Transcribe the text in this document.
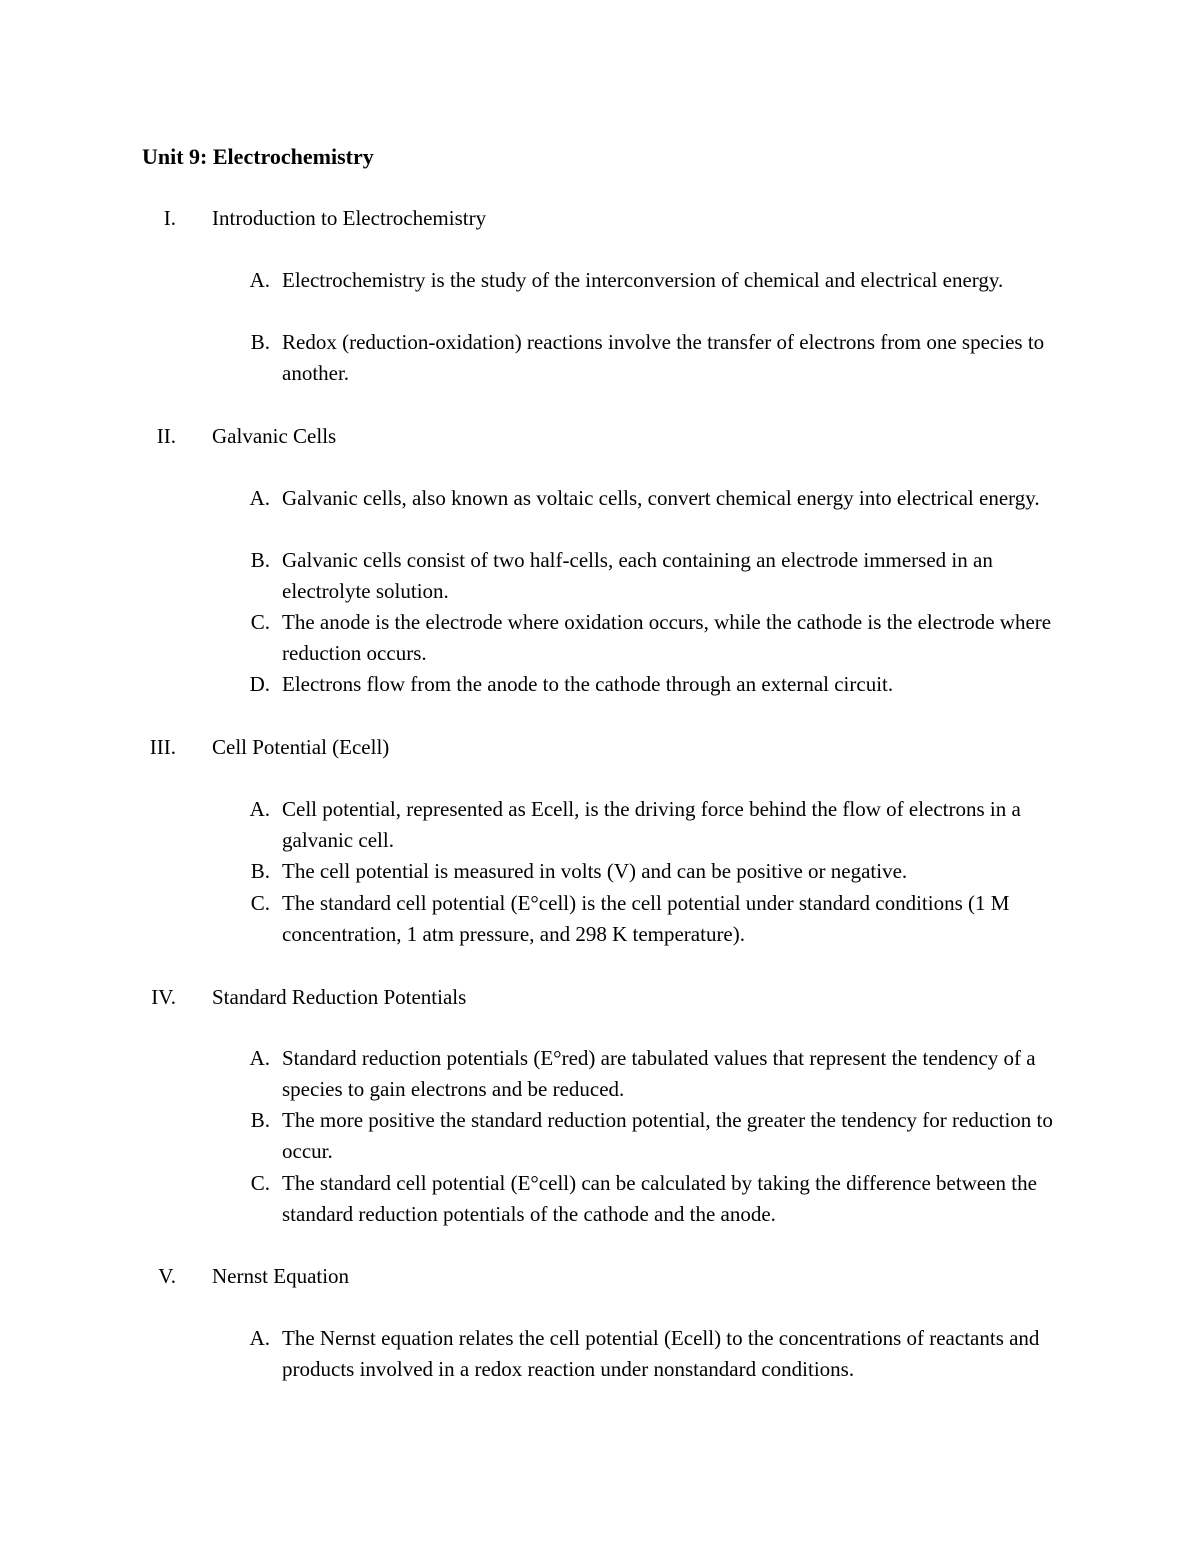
Unit 9: Electrochemistry
I. Introduction to Electrochemistry
A. Electrochemistry is the study of the interconversion of chemical and electrical energy.
B. Redox (reduction-oxidation) reactions involve the transfer of electrons from one species to another.
II. Galvanic Cells
A. Galvanic cells, also known as voltaic cells, convert chemical energy into electrical energy.
B. Galvanic cells consist of two half-cells, each containing an electrode immersed in an electrolyte solution.
C. The anode is the electrode where oxidation occurs, while the cathode is the electrode where reduction occurs.
D. Electrons flow from the anode to the cathode through an external circuit.
III. Cell Potential (Ecell)
A. Cell potential, represented as Ecell, is the driving force behind the flow of electrons in a galvanic cell.
B. The cell potential is measured in volts (V) and can be positive or negative.
C. The standard cell potential (E°cell) is the cell potential under standard conditions (1 M concentration, 1 atm pressure, and 298 K temperature).
IV. Standard Reduction Potentials
A. Standard reduction potentials (E°red) are tabulated values that represent the tendency of a species to gain electrons and be reduced.
B. The more positive the standard reduction potential, the greater the tendency for reduction to occur.
C. The standard cell potential (E°cell) can be calculated by taking the difference between the standard reduction potentials of the cathode and the anode.
V. Nernst Equation
A. The Nernst equation relates the cell potential (Ecell) to the concentrations of reactants and products involved in a redox reaction under nonstandard conditions.
